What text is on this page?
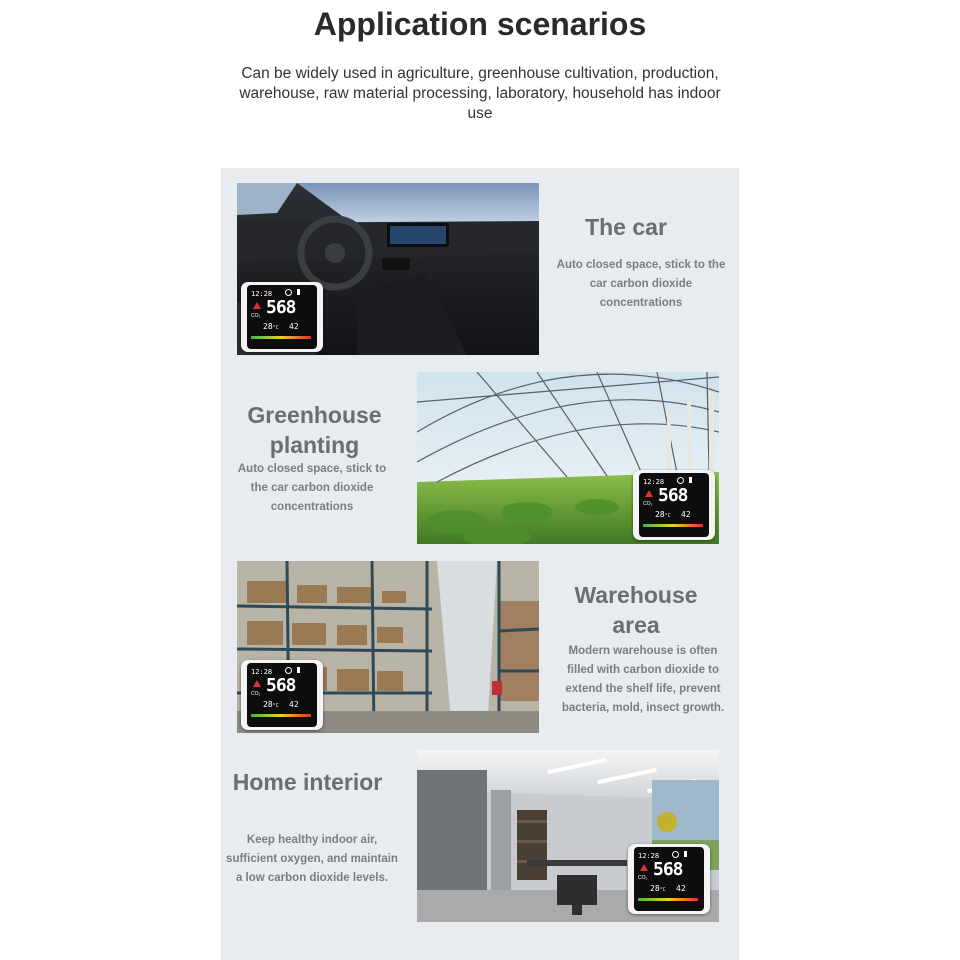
Application scenarios

Can be widely used in agriculture, greenhouse cultivation, production, warehouse, raw material processing, laboratory, household has indoor use

The car

Auto closed space, stick to the car carbon dioxide concentrations

Greenhouse planting

Auto closed space, stick to the car carbon dioxide concentrations

Warehouse area

Modern warehouse is often filled with carbon dioxide to extend the shelf life, prevent bacteria, mold, insect growth.

Home interior

Keep healthy indoor air, sufficient oxygen, and maintain a low carbon dioxide levels.

12:28
CO₂ 568
28°C 42
12:28
CO₂ 568
28°C 42
12:28
CO₂ 568
28°C 42
12:28
CO₂ 568
28°C 42
